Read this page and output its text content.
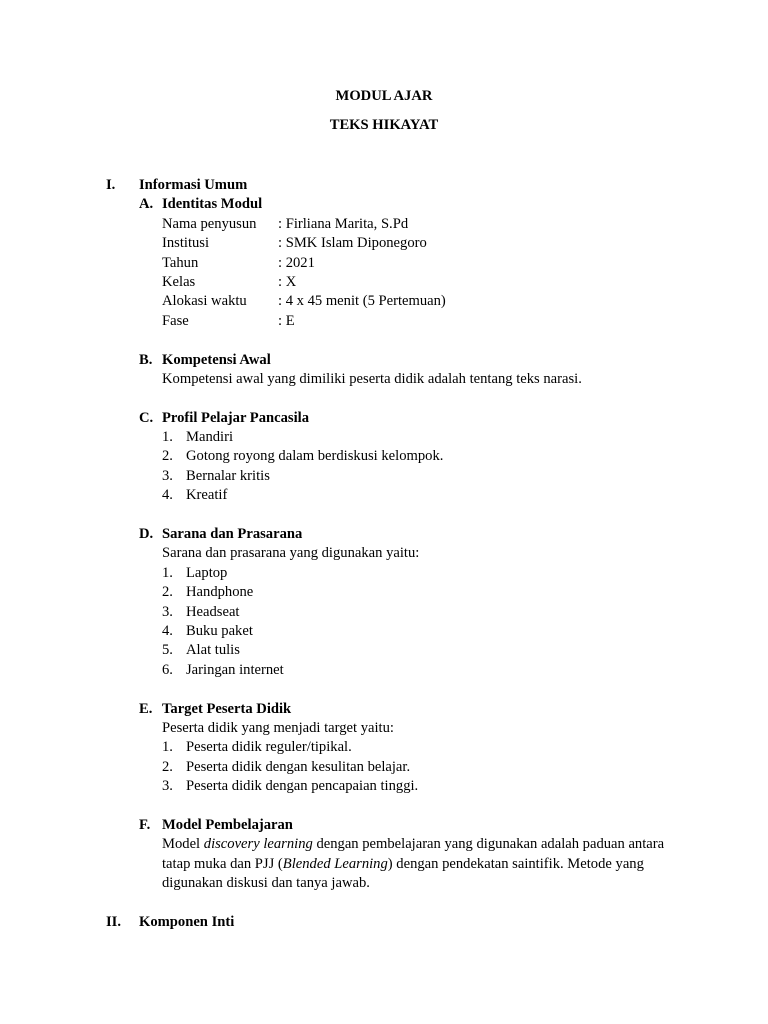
MODUL AJAR
TEKS HIKAYAT
I. Informasi Umum
A. Identitas Modul
Nama penyusun : Firliana Marita, S.Pd
Institusi	: SMK Islam Diponegoro
Tahun	: 2021
Kelas	: X
Alokasi waktu : 4 x 45 menit (5 Pertemuan)
Fase	: E
B. Kompetensi Awal
Kompetensi awal yang dimiliki peserta didik adalah tentang teks narasi.
C. Profil Pelajar Pancasila
1. Mandiri
2. Gotong royong dalam berdiskusi kelompok.
3. Bernalar kritis
4. Kreatif
D. Sarana dan Prasarana
Sarana dan prasarana yang digunakan yaitu:
1. Laptop
2. Handphone
3. Headseat
4. Buku paket
5. Alat tulis
6. Jaringan internet
E. Target Peserta Didik
Peserta didik yang menjadi target yaitu:
1. Peserta didik reguler/tipikal.
2. Peserta didik dengan kesulitan belajar.
3. Peserta didik dengan pencapaian tinggi.
F. Model Pembelajaran
Model discovery learning dengan pembelajaran yang digunakan adalah paduan antara tatap muka dan PJJ (Blended Learning) dengan pendekatan saintifik. Metode yang digunakan diskusi dan tanya jawab.
II. Komponen Inti
